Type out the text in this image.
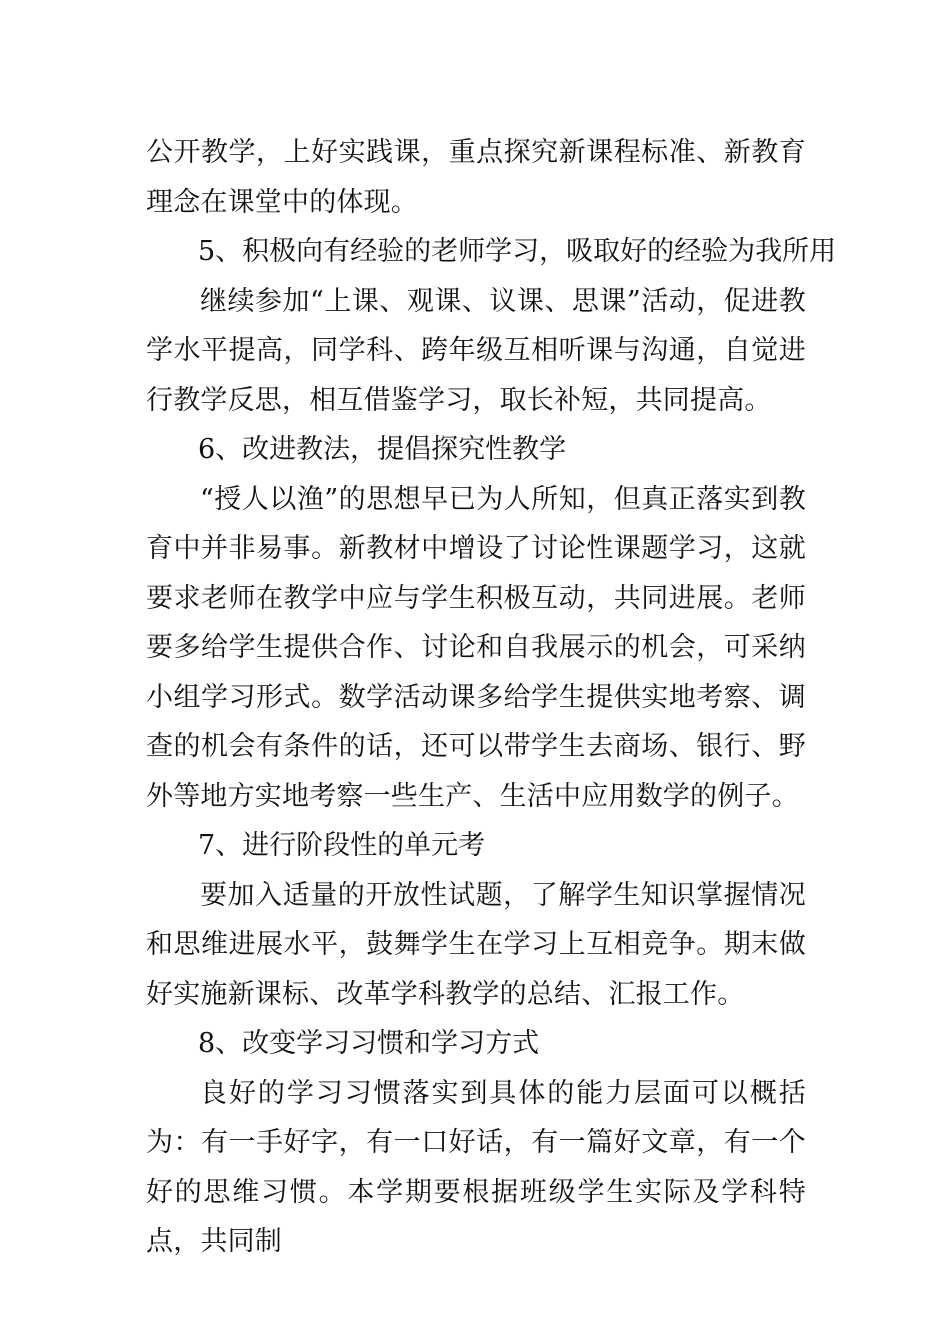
公开教学，上好实践课，重点探究新课程标准、新教育理念在课堂中的体现。

5、积极向有经验的老师学习，吸取好的经验为我所用

继续参加“上课、观课、议课、思课”活动，促进教学水平提高，同学科、跨年级互相听课与沟通，自觉进行教学反思，相互借鉴学习，取长补短，共同提高。

6、改进教法，提倡探究性教学

“授人以渔”的思想早已为人所知，但真正落实到教育中并非易事。新教材中增设了讨论性课题学习，这就要求老师在教学中应与学生积极互动，共同进展。老师要多给学生提供合作、讨论和自我展示的机会，可采纳小组学习形式。数学活动课多给学生提供实地考察、调查的机会有条件的话，还可以带学生去商场、银行、野外等地方实地考察一些生产、生活中应用数学的例子。

7、进行阶段性的单元考

要加入适量的开放性试题，了解学生知识掌握情况和思维进展水平，鼓舞学生在学习上互相竞争。期末做好实施新课标、改革学科教学的总结、汇报工作。

8、改变学习习惯和学习方式

良好的学习习惯落实到具体的能力层面可以概括为：有一手好字，有一口好话，有一篇好文章，有一个好的思维习惯。本学期要根据班级学生实际及学科特点，共同制
